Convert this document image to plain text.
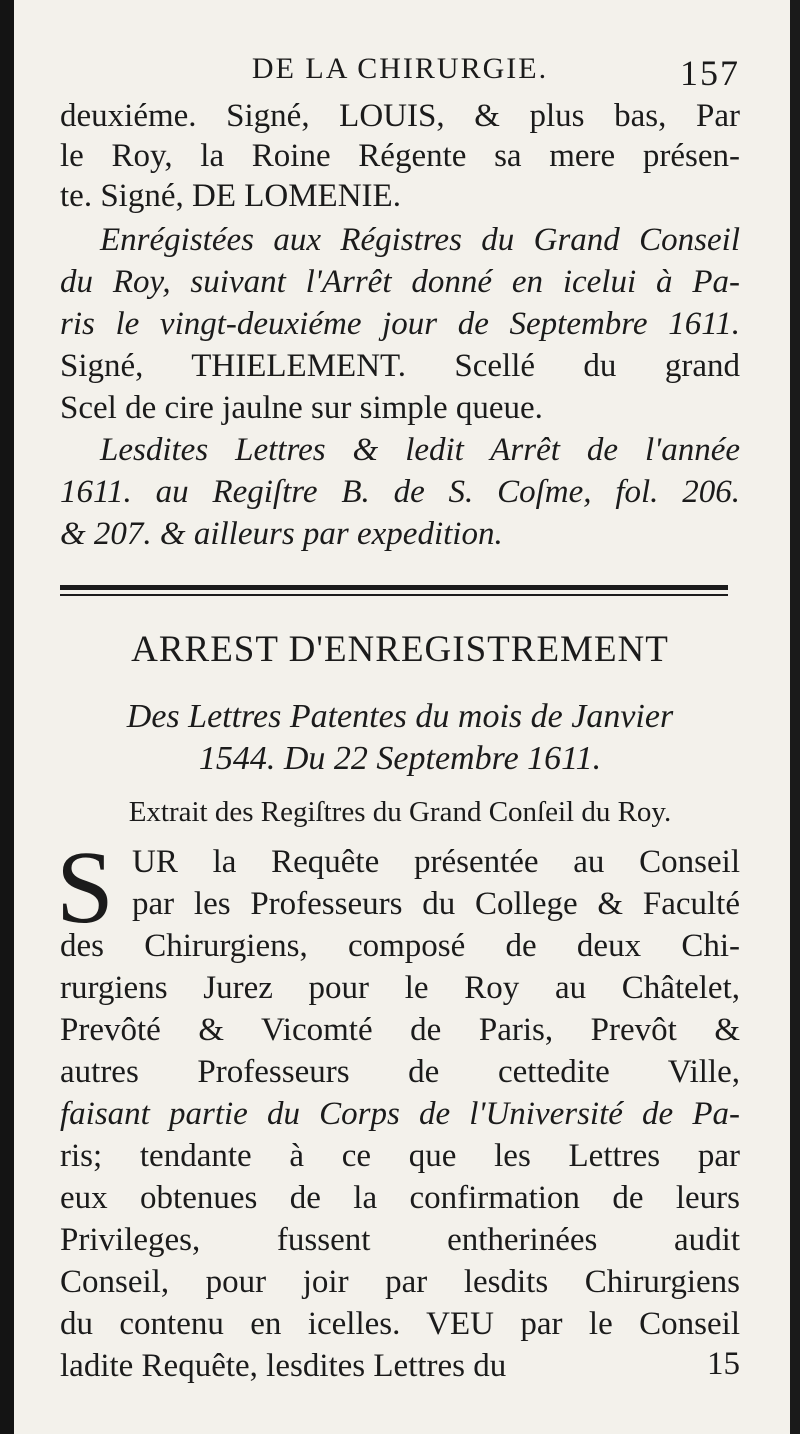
DE LA CHIRURGIE.	157
deuxiéme. Signé, LOUIS, & plus bas, Par
le Roy, la Roine Régente sa mere présen-
te. Signé, DE LOMENIE.
Enrégistées aux Régistres du Grand Conseil
du Roy, suivant l'Arrêt donné en icelui à Pa-
ris le vingt-deuxiéme jour de Septembre 1611.
Signé, THIELEMENT. Scellé du grand
Scel de cire jaulne sur simple queue.
Lesdites Lettres & ledit Arrêt de l'année
1611. au Regiſtre B. de S. Coſme, fol. 206.
& 207. & ailleurs par expedition.
ARREST D'ENREGISTREMENT
Des Lettres Patentes du mois de Janvier
1544. Du 22 Septembre 1611.
Extrait des Regiſtres du Grand Conſeil du Roy.
S UR la Requête présentée au Conseil
par les Professeurs du College & Faculté
des Chirurgiens, composé de deux Chi-
rurgiens Jurez pour le Roy au Châtelet,
Prevôté & Vicomté de Paris, Prevôt &
autres Professeurs de cettedite Ville,
faisant partie du Corps de l'Université de Pa-
ris; tendante à ce que les Lettres par
eux obtenues de la confirmation de leurs
Privileges, fussent entherinées audit
Conseil, pour joir par lesdits Chirurgiens
du contenu en icelles. VEU par le Conseil
ladite Requête, lesdites Lettres du	15
